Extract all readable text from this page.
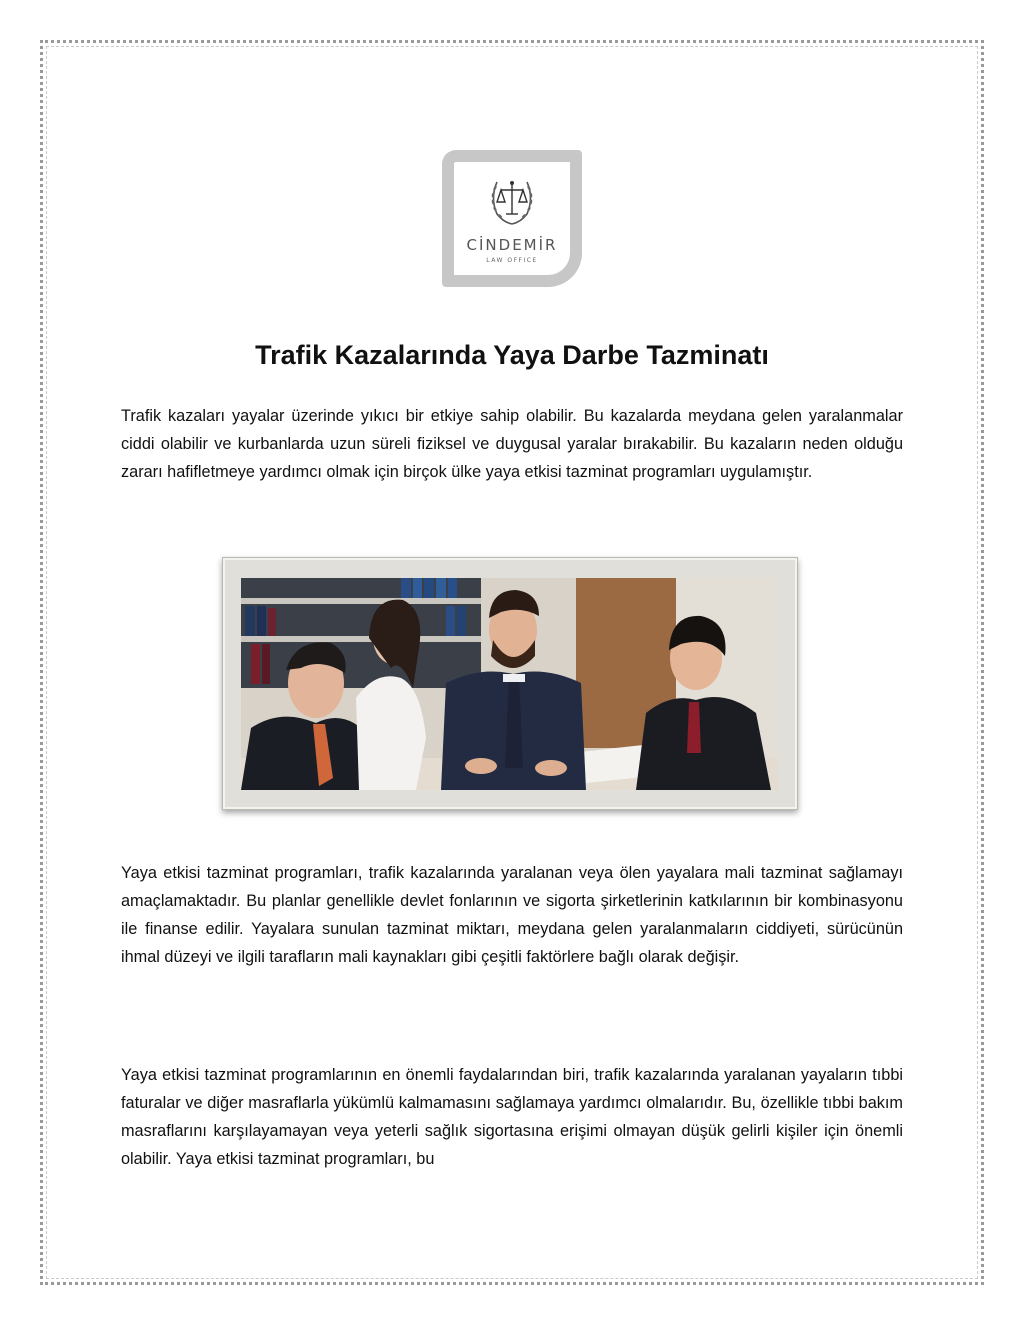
CİNDEMİR
LAW OFFICE
Trafik Kazalarında Yaya Darbe Tazminatı

Trafik kazaları yayalar üzerinde yıkıcı bir etkiye sahip olabilir. Bu kazalarda meydana gelen yaralanmalar ciddi olabilir ve kurbanlarda uzun süreli fiziksel ve duygusal yaralar bırakabilir. Bu kazaların neden olduğu zararı hafifletmeye yardımcı olmak için birçok ülke yaya etkisi tazminat programları uygulamıştır.

Yaya etkisi tazminat programları, trafik kazalarında yaralanan veya ölen yayalara mali tazminat sağlamayı amaçlamaktadır. Bu planlar genellikle devlet fonlarının ve sigorta şirketlerinin katkılarının bir kombinasyonu ile finanse edilir. Yayalara sunulan tazminat miktarı, meydana gelen yaralanmaların ciddiyeti, sürücünün ihmal düzeyi ve ilgili tarafların mali kaynakları gibi çeşitli faktörlere bağlı olarak değişir.

Yaya etkisi tazminat programlarının en önemli faydalarından biri, trafik kazalarında yaralanan yayaların tıbbi faturalar ve diğer masraflarla yükümlü kalmamasını sağlamaya yardımcı olmalarıdır. Bu, özellikle tıbbi bakım masraflarını karşılayamayan veya yeterli sağlık sigortasına erişimi olmayan düşük gelirli kişiler için önemli olabilir. Yaya etkisi tazminat programları, bu
